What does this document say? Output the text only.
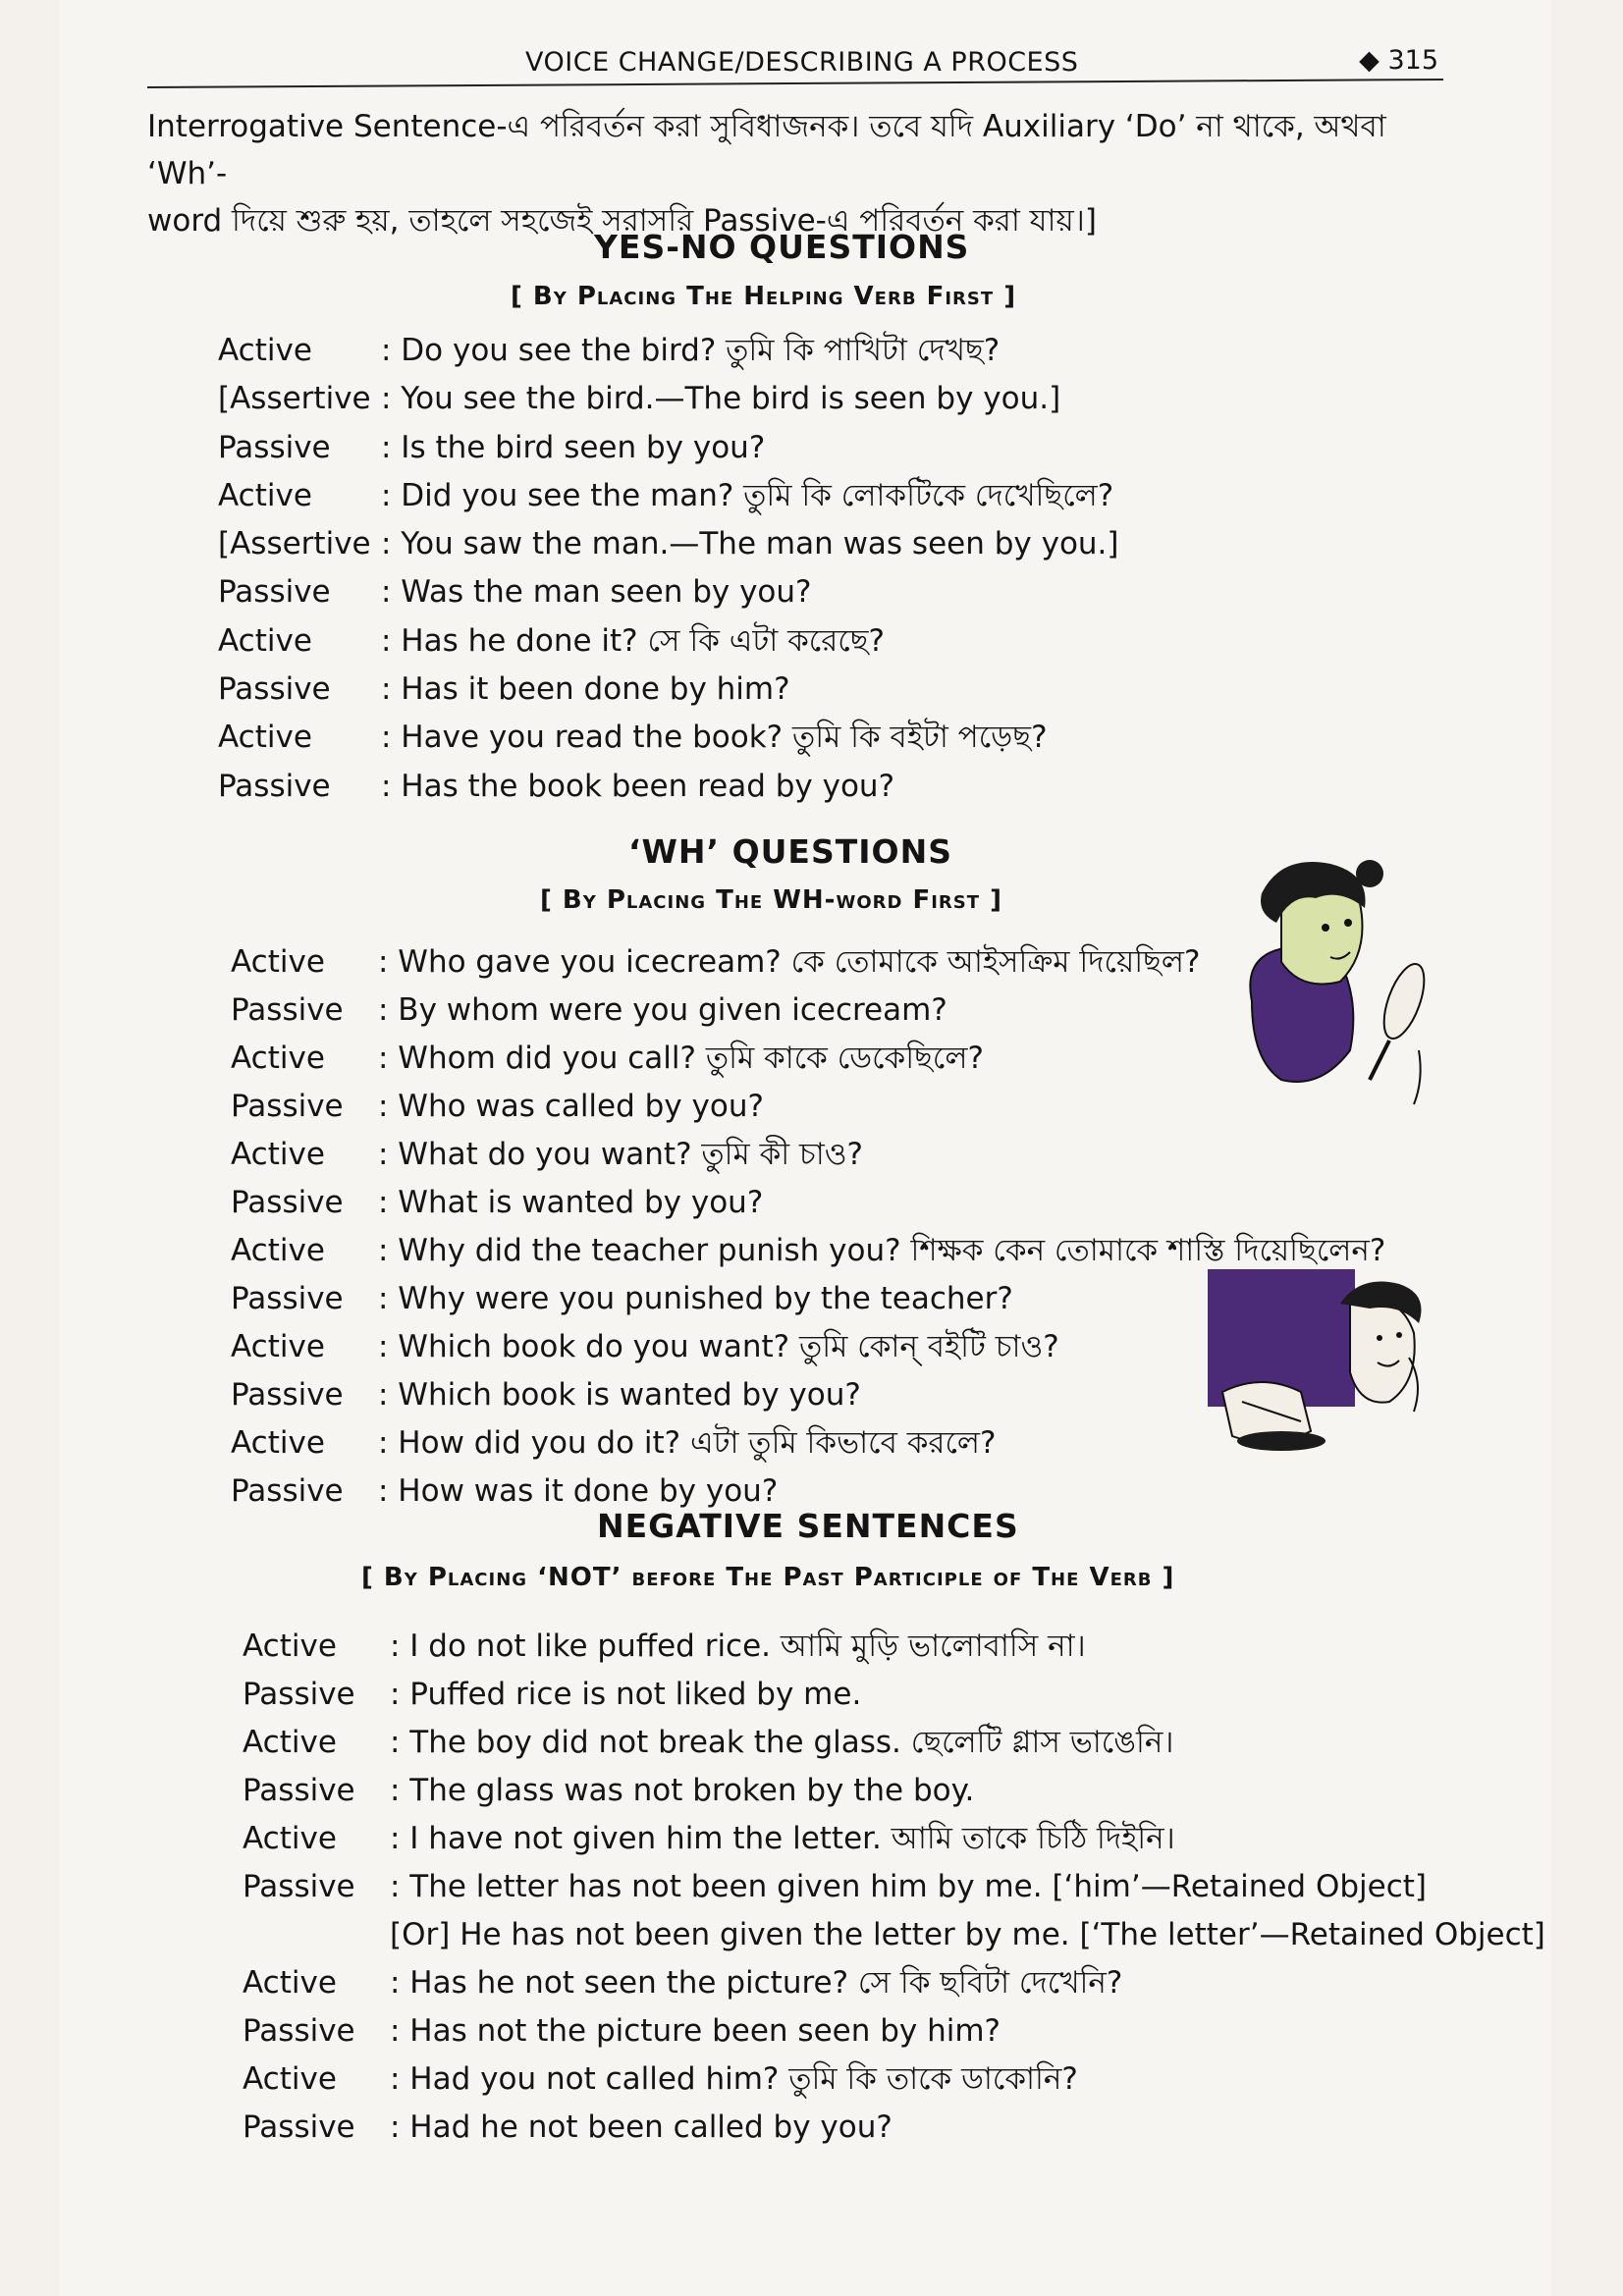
VOICE CHANGE/DESCRIBING A PROCESS	◆ 315

Interrogative Sentence-এ পরিবর্তন করা সুবিধাজনক। তবে যদি Auxiliary ‘Do’ না থাকে, অথবা ‘Wh’-

word দিয়ে শুরু হয়, তাহলে সহজেই সরাসরি Passive-এ পরিবর্তন করা যায়।]

YES-NO QUESTIONS
[ By Placing The Helping Verb First ]
Active	: Do you see the bird? তুমি কি পাখিটা দেখছ?
[Assertive : You see the bird.—The bird is seen by you.]
Passive	: Is the bird seen by you?
Active	: Did you see the man? তুমি কি লোকটিকে দেখেছিলে?
[Assertive : You saw the man.—The man was seen by you.]
Passive	: Was the man seen by you?
Active	: Has he done it? সে কি এটা করেছে?
Passive	: Has it been done by him?
Active	: Have you read the book? তুমি কি বইটা পড়েছ?
Passive	: Has the book been read by you?
‘WH’ QUESTIONS
[ By Placing The WH-word First ]
Active	: Who gave you icecream? কে তোমাকে আইসক্রিম দিয়েছিল?
Passive	: By whom were you given icecream?
Active	: Whom did you call? তুমি কাকে ডেকেছিলে?
Passive	: Who was called by you?
Active	: What do you want? তুমি কী চাও?
Passive	: What is wanted by you?
Active	: Why did the teacher punish you? শিক্ষক কেন তোমাকে শাস্তি দিয়েছিলেন?
Passive	: Why were you punished by the teacher?
Active	: Which book do you want? তুমি কোন্ বইটি চাও?
Passive	: Which book is wanted by you?
Active	: How did you do it? এটা তুমি কিভাবে করলে?
Passive	: How was it done by you?
NEGATIVE SENTENCES
[ By Placing ‘NOT’ before The Past Participle of The Verb ]
Active	: I do not like puffed rice. আমি মুড়ি ভালোবাসি না।
Passive	: Puffed rice is not liked by me.
Active	: The boy did not break the glass. ছেলেটি গ্লাস ভাঙেনি।
Passive	: The glass was not broken by the boy.
Active	: I have not given him the letter. আমি তাকে চিঠি দিইনি।
Passive	: The letter has not been given him by me. [‘him’—Retained Object]
[Or] He has not been given the letter by me. [‘The letter’—Retained Object]
Active	: Has he not seen the picture? সে কি ছবিটা দেখেনি?
Passive	: Has not the picture been seen by him?
Active	: Had you not called him? তুমি কি তাকে ডাকোনি?
Passive	: Had he not been called by you?
